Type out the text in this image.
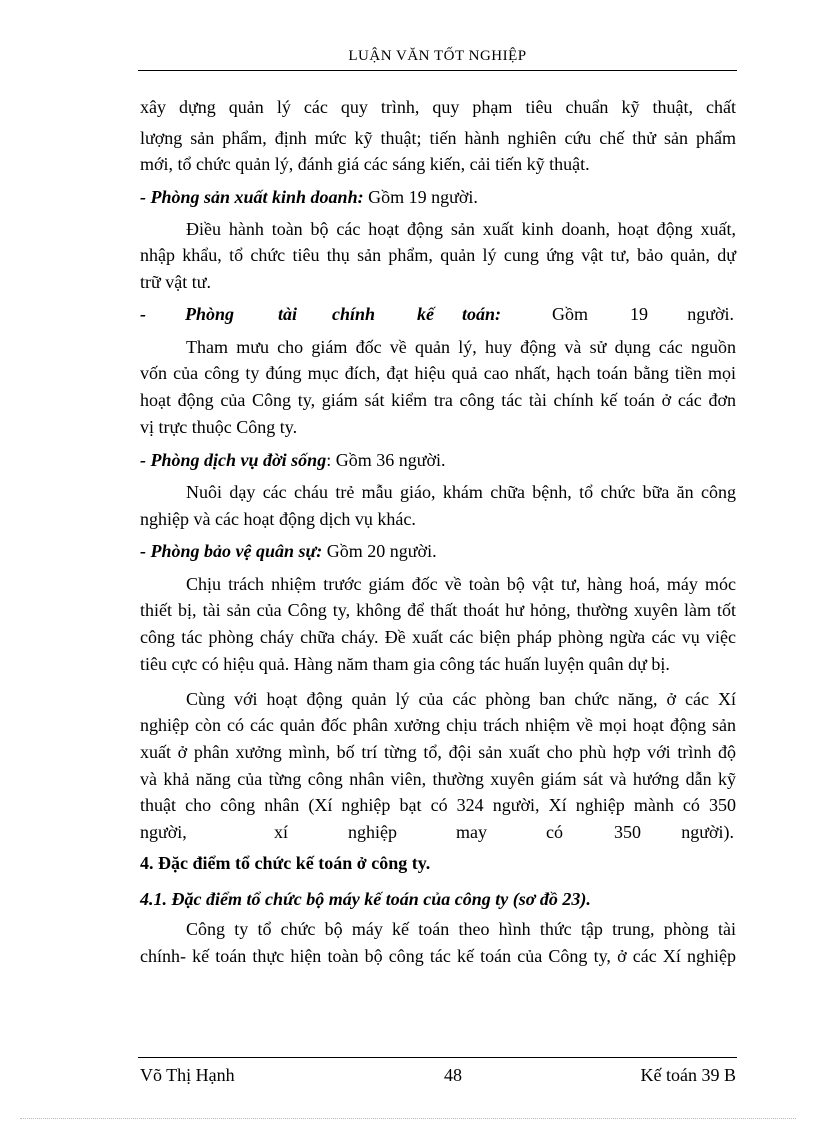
LUẬN VĂN TỐT NGHIỆP
xây dựng quản lý các quy trình, quy phạm tiêu chuẩn kỹ thuật, chất
lượng sản phẩm, định mức kỹ thuật; tiến hành nghiên cứu chế thử sản phẩm
mới, tổ chức quản lý, đánh giá các sáng kiến, cải tiến kỹ thuật.
- Phòng sản xuất kinh doanh: Gồm 19 người.
Điều hành toàn bộ các hoạt động sản xuất kinh doanh, hoạt động xuất,
nhập khẩu, tổ chức tiêu thụ sản phẩm, quản lý cung ứng vật tư, bảo quản, dự
trữ vật tư.
- Phòng tài chính kế toán:	Gồm 19 người.
Tham mưu cho giám đốc về quản lý, huy động và sử dụng các nguồn
vốn của công ty đúng mục đích, đạt hiệu quả cao nhất, hạch toán bằng tiền mọi
hoạt động của Công ty, giám sát kiểm tra công tác tài chính kế toán ở các đơn
vị trực thuộc Công ty.
- Phòng dịch vụ đời sống: Gồm 36 người.
Nuôi dạy các cháu trẻ mẫu giáo, khám chữa bệnh, tổ chức bữa ăn công
nghiệp và các hoạt động dịch vụ khác.
- Phòng bảo vệ quân sự: Gồm 20 người.
Chịu trách nhiệm trước giám đốc về toàn bộ vật tư, hàng hoá, máy móc
thiết bị, tài sản của Công ty, không để thất thoát hư hỏng, thường xuyên làm tốt
công tác phòng cháy chữa cháy. Đề xuất các biện pháp phòng ngừa các vụ việc
tiêu cực có hiệu quả. Hàng năm tham gia công tác huấn luyện quân dự bị.
Cùng với hoạt động quản lý của các phòng ban chức năng, ở các Xí
nghiệp còn có các quản đốc phân xưởng chịu trách nhiệm về mọi hoạt động sản
xuất ở phân xưởng mình, bố trí từng tổ, đội sản xuất cho phù hợp với trình độ
và khả năng của từng công nhân viên, thường xuyên giám sát và hướng dẫn kỹ
thuật cho công nhân (Xí nghiệp bạt có 324 người, Xí nghiệp mành có 350
người,	xí	nghiệp	may	có	350 người).
4. Đặc điểm tổ chức kế toán ở công ty.
4.1. Đặc điểm tổ chức bộ máy kế toán của công ty (sơ đồ 23).
Công ty tổ chức bộ máy kế toán theo hình thức tập trung, phòng tài
chính- kế toán thực hiện toàn bộ công tác kế toán của Công ty, ở các Xí nghiệp
Võ Thị Hạnh	48	Kế toán 39 B
